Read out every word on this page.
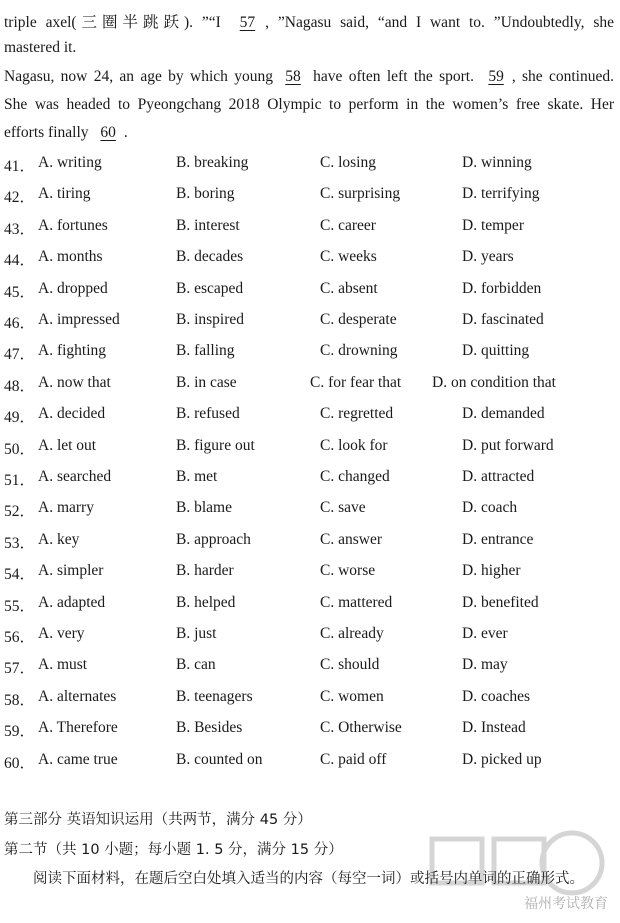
triple axel(三圈半跳跃). ”“I 57 , ”Nagasu said, “and I want to. ”Undoubtedly, she
mastered it.
Nagasu, now 24, an age by which young 58 have often left the sport. 59 , she continued.
She was headed to Pyeongchang 2018 Olympic to perform in the women’s free skate. Her
efforts finally 60 .
41． A. writing	B. breaking	C. losing	D. winning
42． A. tiring	B. boring	C. surprising	D. terrifying
43． A. fortunes	B. interest	C. career	D. temper
44． A. months	B. decades	C. weeks	D. years
45． A. dropped	B. escaped	C. absent	D. forbidden
46． A. impressed	B. inspired	C. desperate	D. fascinated
47． A. fighting	B. falling	C. drowning	D. quitting
48． A. now that	B. in case	C. for fear that D. on condition that
49． A. decided	B. refused	C. regretted	D. demanded
50． A. let out	B. figure out	C. look for	D. put forward
51． A. searched	B. met	C. changed	D. attracted
52． A. marry	B. blame	C. save	D. coach
53． A. key	B. approach	C. answer	D. entrance
54． A. simpler	B. harder	C. worse	D. higher
55． A. adapted	B. helped	C. mattered	D. benefited
56． A. very	B. just	C. already	D. ever
57． A. must	B. can	C. should	D. may
58． A. alternates	B. teenagers	C. women	D. coaches
59． A. Therefore	B. Besides	C. Otherwise	D. Instead
60． A. came true	B. counted on	C. paid off	D. picked up
第三部分 英语知识运用（共两节，满分 45 分）
第二节（共 10 小题；每小题 1. 5 分，满分 15 分）
阅读下面材料，在题后空白处填入适当的内容（每空一词）或括号内单词的正确形式。
福州考试教育
